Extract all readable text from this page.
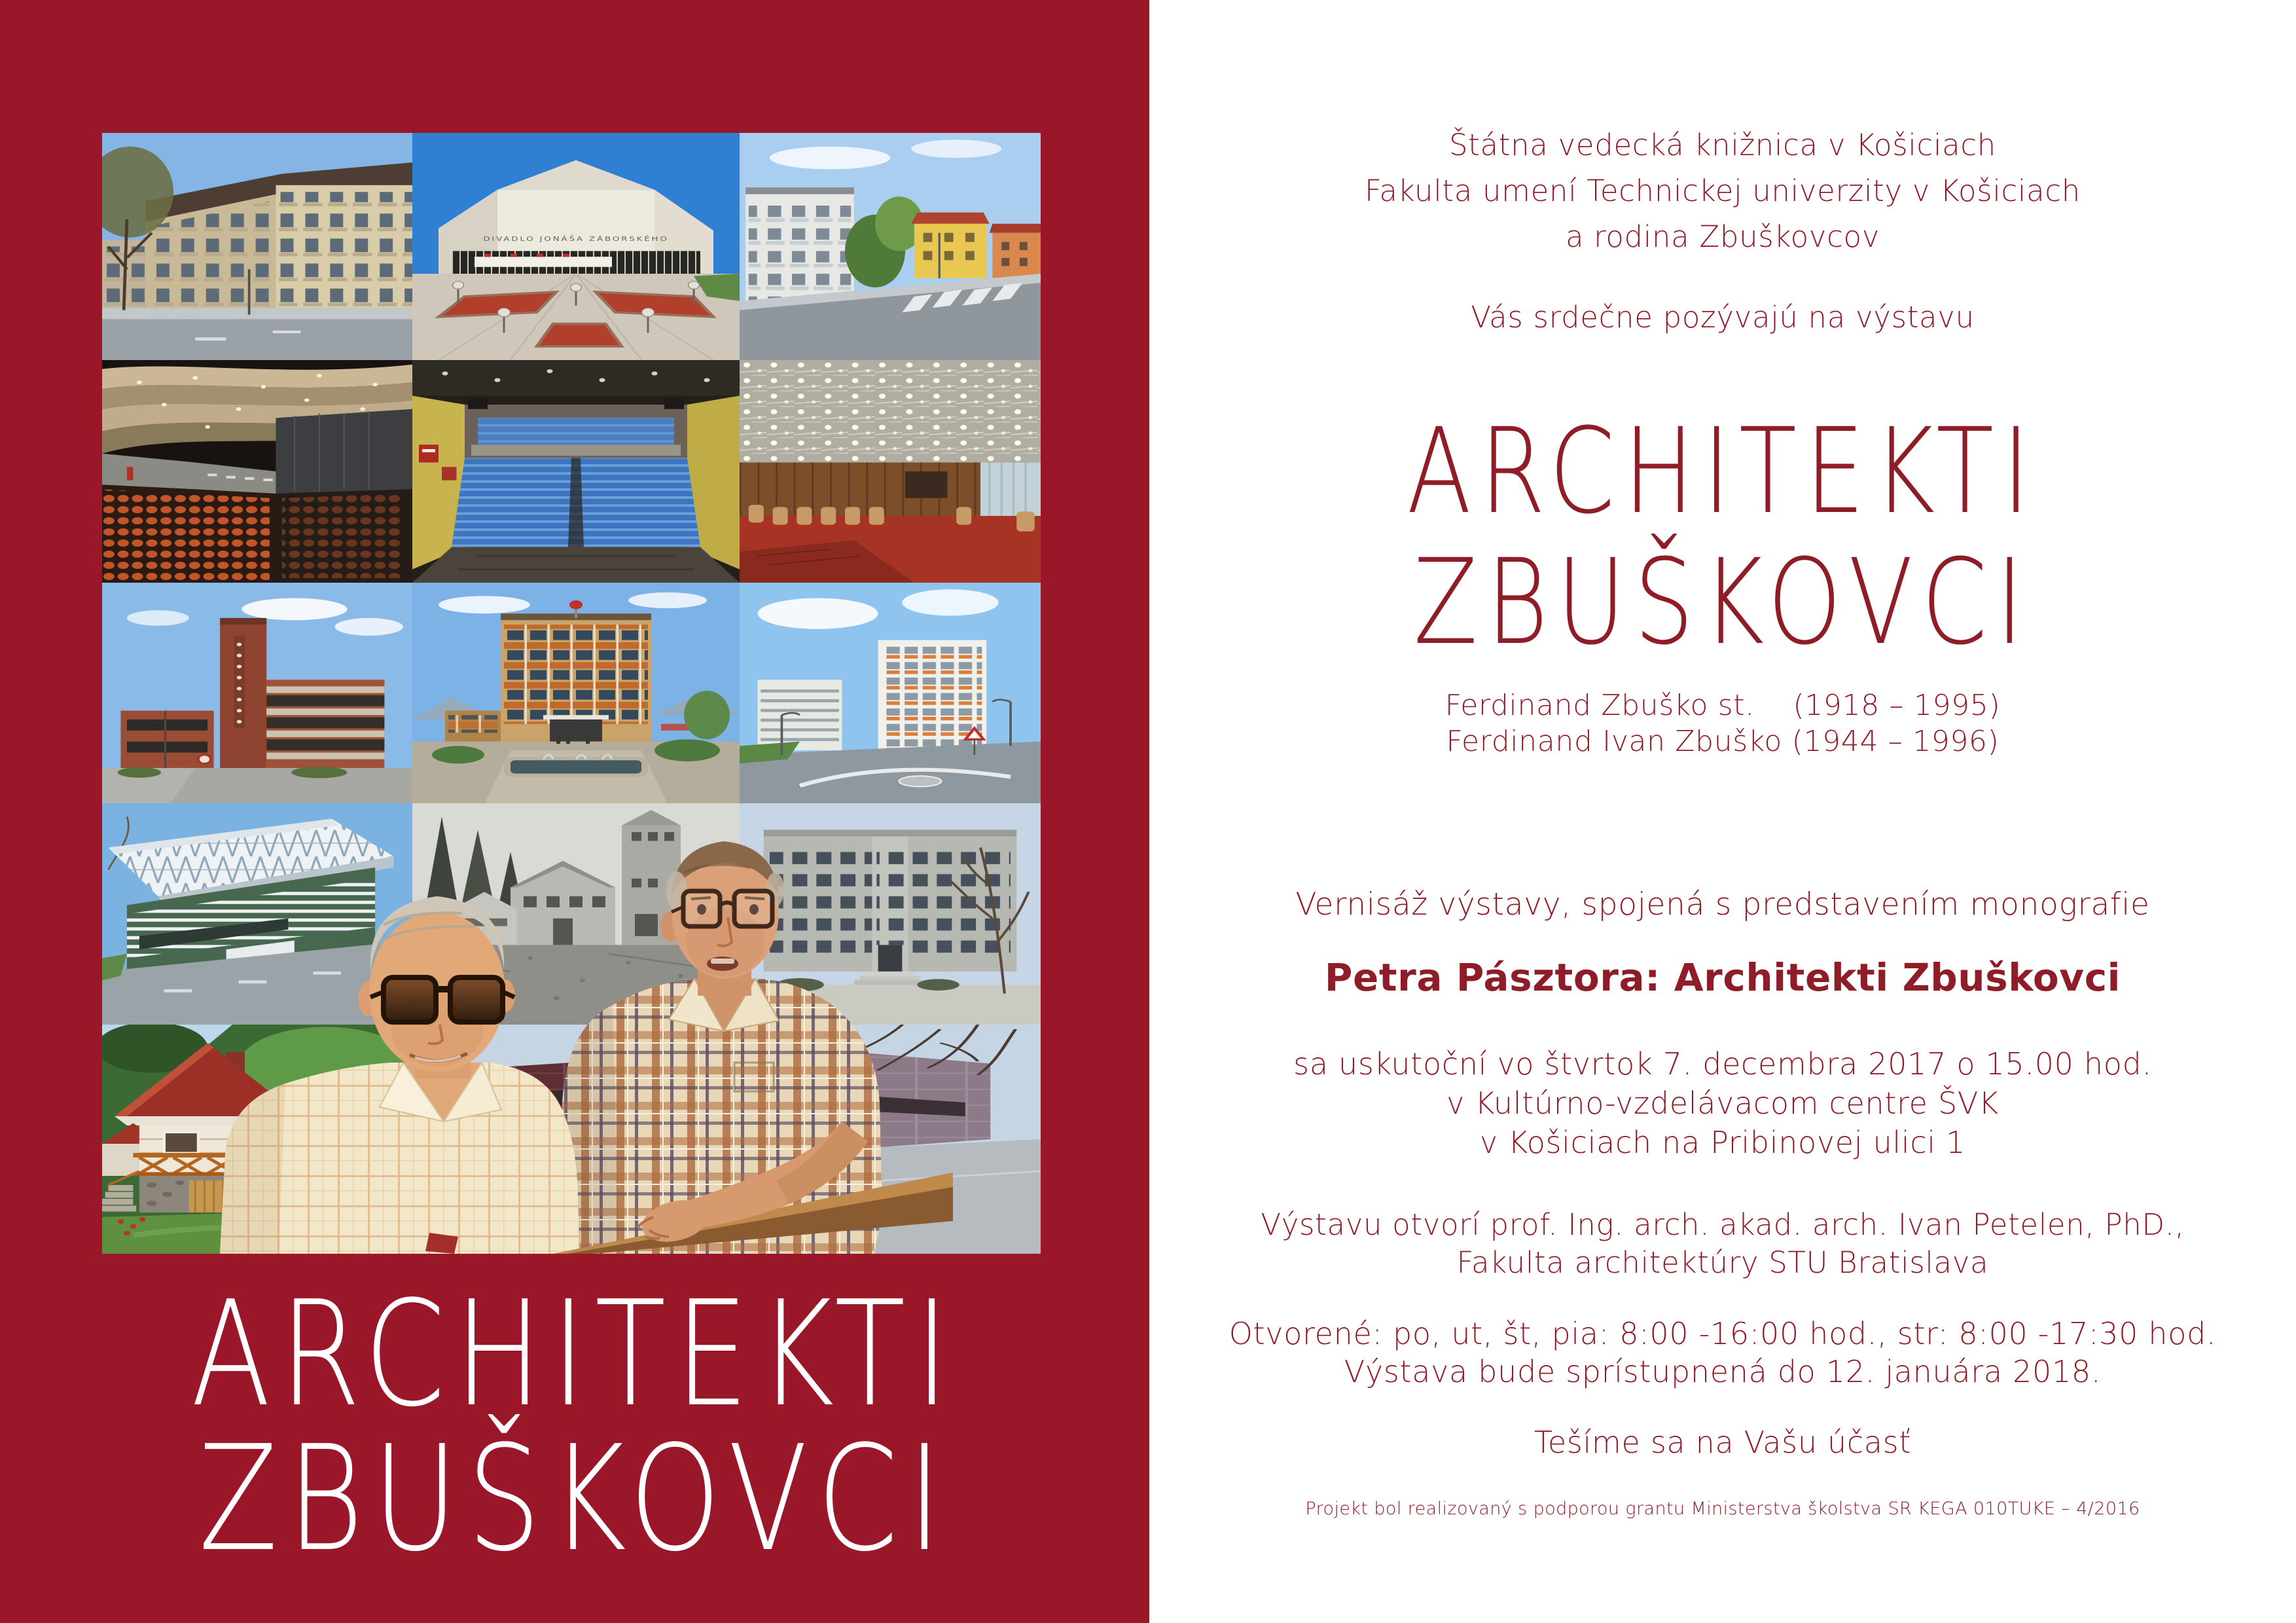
DIVADLO JONÁŠA ZÁBORSKÉHO
ARCHITEKTI
ZBUŠKOVCI
Štátna vedecká knižnica v Košiciach
Fakulta umení Technickej univerzity v Košiciach
a rodina Zbuškovcov
Vás srdečne pozývajú na výstavu
ARCHITEKTI
ZBUŠKOVCI
Ferdinand Zbuško st.    (1918 – 1995)
Ferdinand Ivan Zbuško (1944 – 1996)
Vernisáž výstavy, spojená s predstavením monografie
Petra Pásztora: Architekti Zbuškovci
sa uskutoční vo štvrtok 7. decembra 2017 o 15.00 hod.
v Kultúrno-vzdelávacom centre ŠVK
v Košiciach na Pribinovej ulici 1
Výstavu otvorí prof. Ing. arch. akad. arch. Ivan Petelen, PhD.,
Fakulta architektúry STU Bratislava
Otvorené: po, ut, št, pia: 8:00 -16:00 hod., str: 8:00 -17:30 hod.
Výstava bude sprístupnená do 12. januára 2018.
Tešíme sa na Vašu účasť
Projekt bol realizovaný s podporou grantu Ministerstva školstva SR KEGA 010TUKE – 4/2016
